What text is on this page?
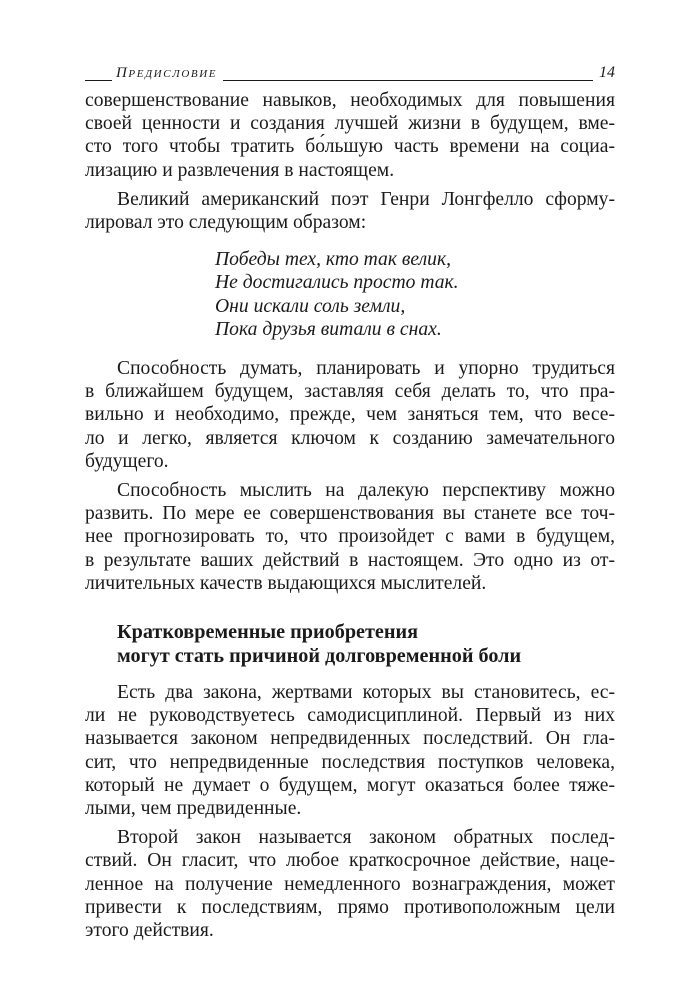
Предисловие	14

совершенствование навыков, необходимых для повышения

своей ценности и создания лучшей жизни в будущем, вме-

сто того чтобы тратить бо́льшую часть времени на социа-

лизацию и развлечения в настоящем.

Великий американский поэт Генри Лонгфелло сформу-

лировал это следующим образом:

Победы тех, кто так велик,
Не достигались просто так.
Они искали соль земли,
Пока друзья витали в снах.

Способность думать, планировать и упорно трудиться

в ближайшем будущем, заставляя себя делать то, что пра-

вильно и необходимо, прежде, чем заняться тем, что весе-

ло и легко, является ключом к созданию замечательного

будущего.

Способность мыслить на далекую перспективу можно

развить. По мере ее совершенствования вы станете все точ-

нее прогнозировать то, что произойдет с вами в будущем,

в результате ваших действий в настоящем. Это одно из от-

личительных качеств выдающихся мыслителей.

Кратковременные приобретения
могут стать причиной долговременной боли

Есть два закона, жертвами которых вы становитесь, ес-

ли не руководствуетесь самодисциплиной. Первый из них

называется законом непредвиденных последствий. Он гла-

сит, что непредвиденные последствия поступков человека,

который не думает о будущем, могут оказаться более тяже-

лыми, чем предвиденные.

Второй закон называется законом обратных послед-

ствий. Он гласит, что любое краткосрочное действие, наце-

ленное на получение немедленного вознаграждения, может

привести к последствиям, прямо противоположным цели

этого действия.
